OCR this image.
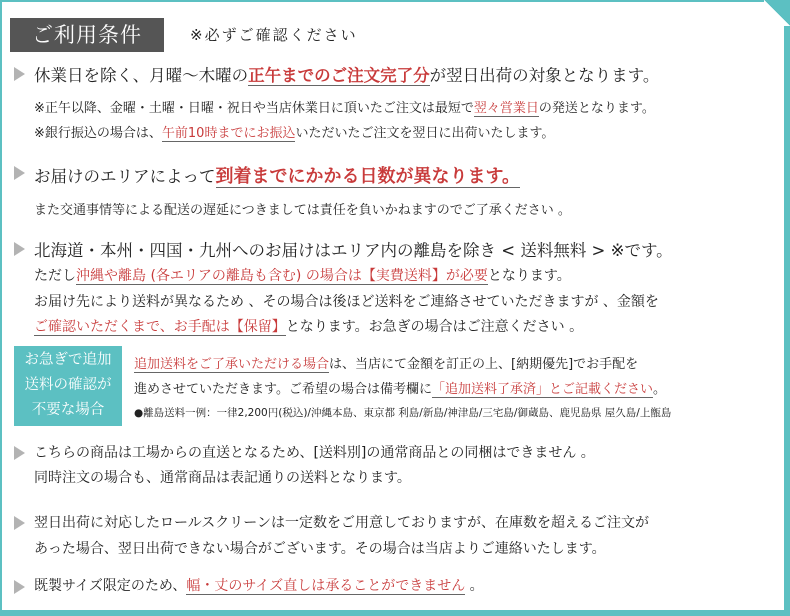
ご利用条件	※必ずご確認ください
休業日を除く、月曜～木曜の正午までのご注文完了分が翌日出荷の対象となります。
※正午以降、金曜・土曜・日曜・祝日や当店休業日に頂いたご注文は最短で翌々営業日の発送となります。
※銀行振込の場合は、午前10時までにお振込いただいたご注文を翌日に出荷いたします。
お届けのエリアによって到着までにかかる日数が異なります。
また交通事情等による配送の遅延につきましては責任を負いかねますのでご了承ください 。
北海道・本州・四国・九州へのお届けはエリア内の離島を除き < 送料無料 > ※です。
ただし沖縄や離島 (各エリアの離島も含む) の場合は【実費送料】が必要となります。
お届け先により送料が異なるため 、その場合は後ほど送料をご連絡させていただきますが 、金額を
ご確認いただくまで、お手配は【保留】となります。お急ぎの場合はご注意ください 。
お急ぎで追加
送料の確認が
不要な場合
追加送料をご了承いただける場合は、当店にて金額を訂正の上、[納期優先]でお手配を
進めさせていただきます。ご希望の場合は備考欄に「追加送料了承済」とご記載ください。
●離島送料一例：一律2,200円(税込)/沖縄本島、東京都 利島/新島/神津島/三宅島/御蔵島、鹿児島県 屋久島/上甑島
こちらの商品は工場からの直送となるため、[送料別]の通常商品との同梱はできません 。
同時注文の場合も、通常商品は表記通りの送料となります。
翌日出荷に対応したロールスクリーンは一定数をご用意しておりますが、在庫数を超えるご注文が
あった場合、翌日出荷できない場合がございます。その場合は当店よりご連絡いたします。
既製サイズ限定のため、幅・丈のサイズ直しは承ることができません 。
